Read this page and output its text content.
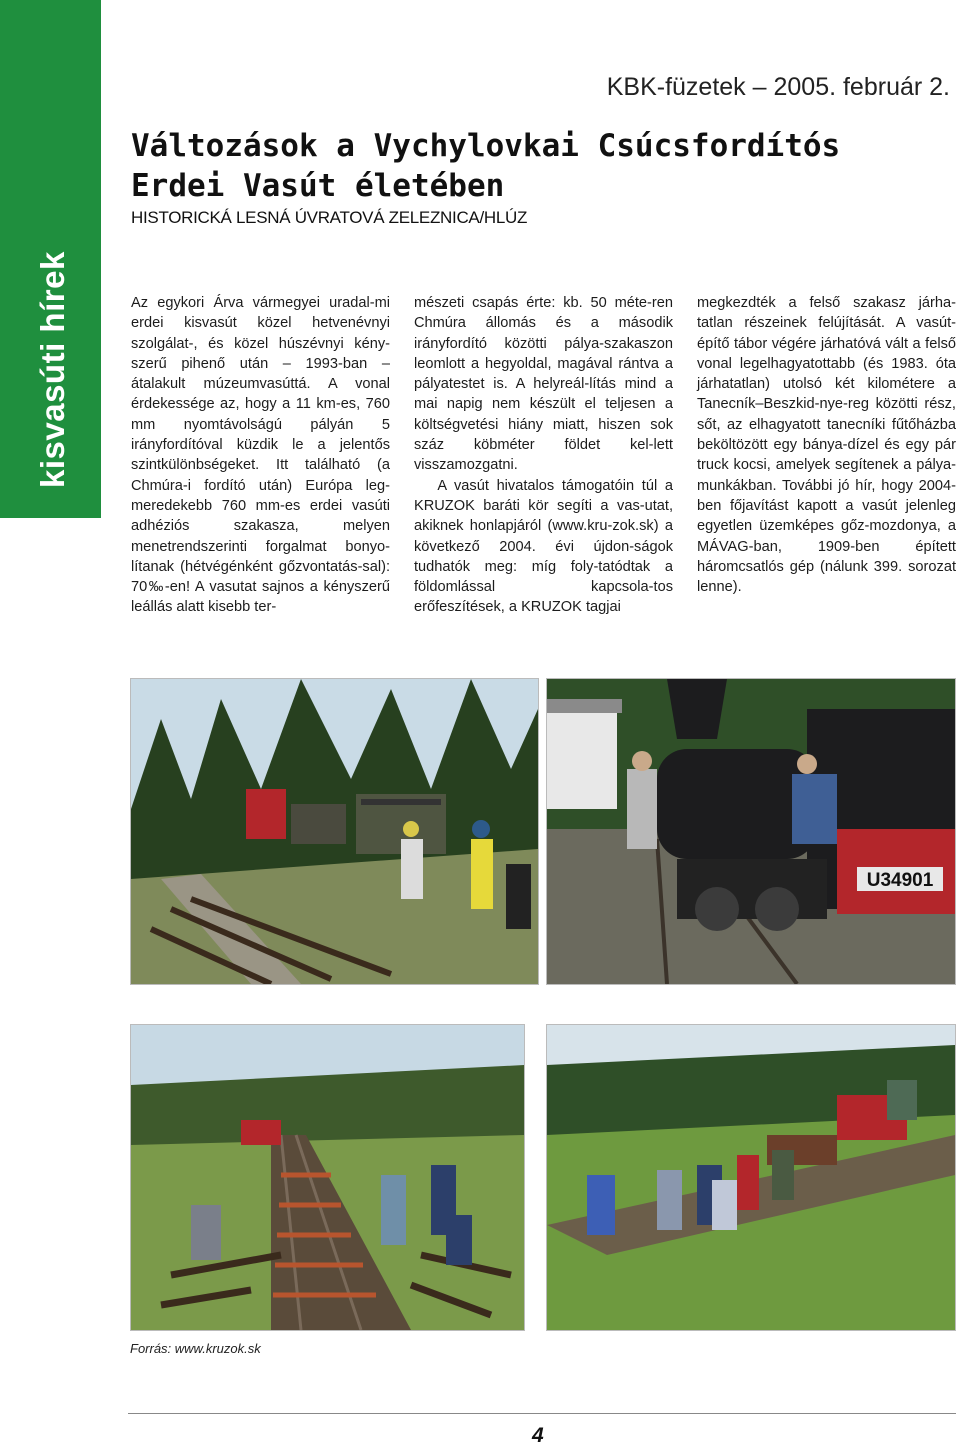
kisvasúti hírek
KBK-füzetek – 2005. február 2.
Változások a Vychylovkai Csúcsfordítós Erdei Vasút életében
HISTORICKÁ LESNÁ ÚVRATOVÁ ZELEZNICA/HLÚZ

Az egykori Árva vármegyei uradal-mi erdei kisvasút közel hetvenévnyi szolgálat-, és közel húszévnyi kény-szerű pihenő után – 1993-ban – átalakult múzeumvasúttá. A vonal érdekessége az, hogy a 11 km-es, 760 mm nyomtávolságú pályán 5 irányfordítóval küzdik le a jelentős szintkülönbségeket. Itt található (a Chmúra-i fordító után) Európa leg-meredekebb 760 mm-es erdei vasúti adhéziós szakasza, melyen menetrendszerinti forgalmat bonyo-lítanak (hétvégénként gőzvontatás-sal): 70‰-en! A vasutat sajnos a kényszerű leállás alatt kisebb ter-

mészeti csapás érte: kb. 50 méte-ren Chmúra állomás és a második irányfordító közötti pálya-szakaszon leomlott a hegyoldal, magával rántva a pályatestet is. A helyreál-lítás mind a mai napig nem készült el teljesen a költségvetési hiány miatt, hiszen sok száz köbméter földet kel-lett visszamozgatni.

A vasút hivatalos támogatóin túl a KRUZOK baráti kör segíti a vas-utat, akiknek honlapjáról (www.kru-zok.sk) a következő 2004. évi újdon-ságok tudhatók meg: míg foly-tatódtak a földomlással kapcsola-tos erőfeszítések, a KRUZOK tagjai

megkezdték a felső szakasz járha-tatlan részeinek felújítását. A vasút-építő tábor végére járhatóvá vált a felső vonal legelhagyatottabb (és 1983. óta járhatatlan) utolsó két kilométere a Tanecník–Beszkid-nye-reg közötti rész, sőt, az elhagyatott tanecníki fűtőházba beköltözött egy bánya-dízel és egy pár truck kocsi, amelyek segítenek a pálya-munkákban. További jó hír, hogy 2004-ben főjavítást kapott a vasút jelenleg egyetlen üzemképes gőz-mozdonya, a MÁVAG-ban, 1909-ben épített háromcsatlós gép (nálunk 399. sorozat lenne).

U34901
Forrás: www.kruzok.sk
4
